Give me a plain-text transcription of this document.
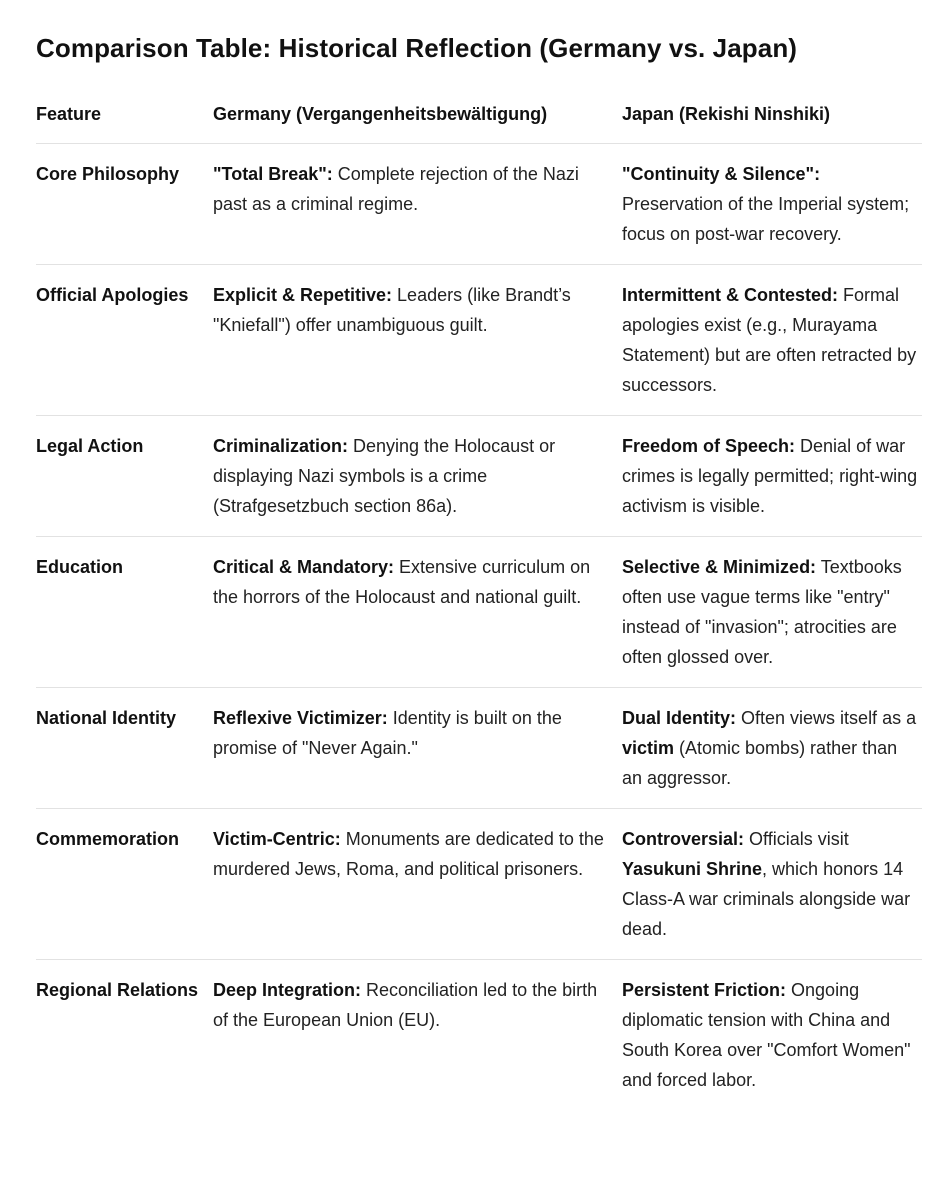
Comparison Table: Historical Reflection (Germany vs. Japan)
Feature	Germany (Vergangenheitsbewältigung)	Japan (Rekishi Ninshiki)
Core Philosophy	"Total Break": Complete rejection of the Nazi past as a criminal regime.	"Continuity & Silence": Preservation of the Imperial system; focus on post-war recovery.
Official Apologies	Explicit & Repetitive: Leaders (like Brandt’s "Kniefall") offer unambiguous guilt.	Intermittent & Contested: Formal apologies exist (e.g., Murayama Statement) but are often retracted by successors.
Legal Action	Criminalization: Denying the Holocaust or displaying Nazi symbols is a crime (Strafgesetzbuch section 86a).	Freedom of Speech: Denial of war crimes is legally permitted; right-wing activism is visible.
Education	Critical & Mandatory: Extensive curriculum on the horrors of the Holocaust and national guilt.	Selective & Minimized: Textbooks often use vague terms like "entry" instead of "invasion"; atrocities are often glossed over.
National Identity	Reflexive Victimizer: Identity is built on the promise of "Never Again."	Dual Identity: Often views itself as a victim (Atomic bombs) rather than an aggressor.
Commemoration	Victim-Centric: Monuments are dedicated to the murdered Jews, Roma, and political prisoners.	Controversial: Officials visit Yasukuni Shrine, which honors 14 Class-A war criminals alongside war dead.
Regional Relations	Deep Integration: Reconciliation led to the birth of the European Union (EU).	Persistent Friction: Ongoing diplomatic tension with China and South Korea over "Comfort Women" and forced labor.
